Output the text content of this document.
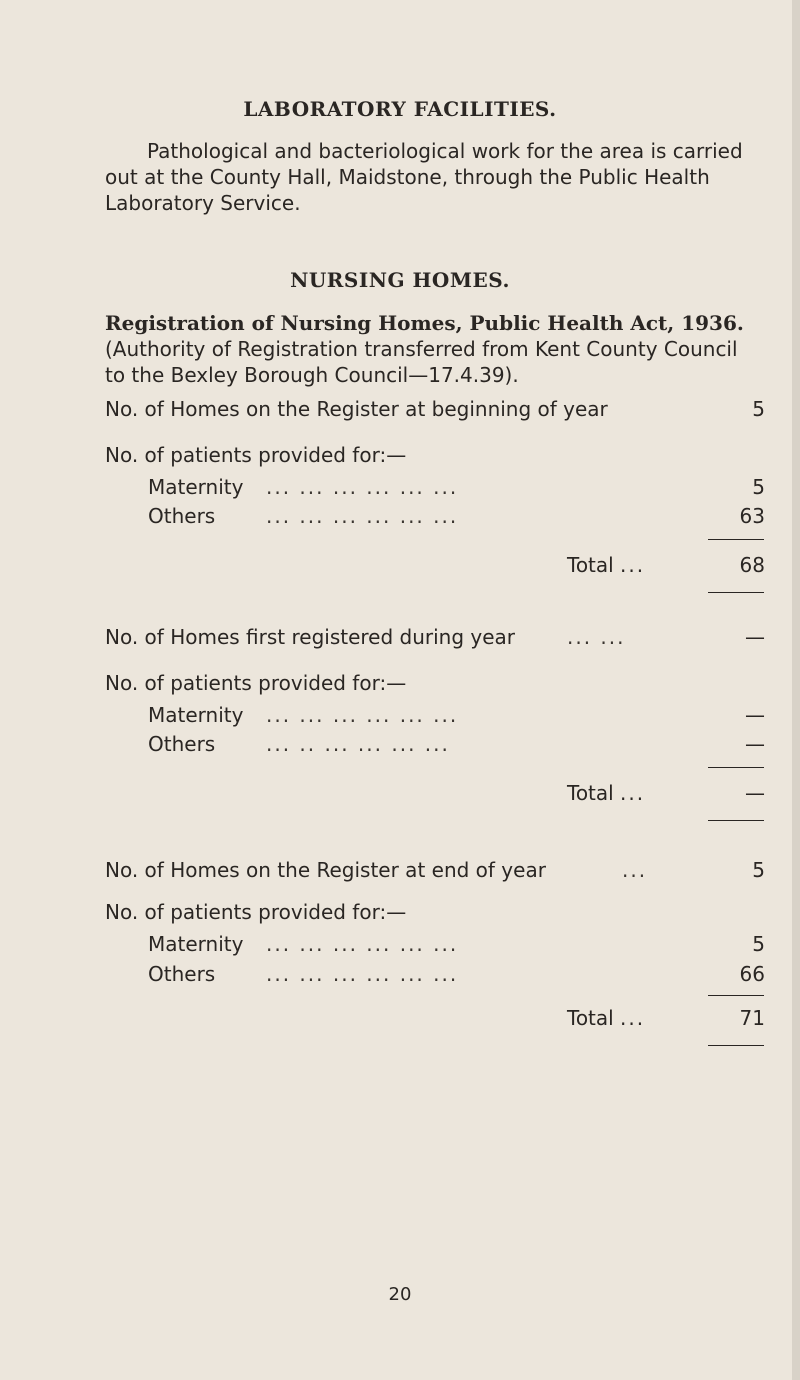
LABORATORY FACILITIES.

Pathological and bacteriological work for the area is carried out at the County Hall, Maidstone, through the Public Health Laboratory Service.

NURSING HOMES.

Registration of Nursing Homes, Public Health Act, 1936. (Authority of Registration transferred from Kent County Council to the Bexley Borough Council—17.4.39).

No. of Homes on the Register at beginning of year	5
No. of patients provided for:—
Maternity ... ... ... ... ... ...	5
Others	... ... ... ... ... ...	63
Total ...	68
No. of Homes first registered during year	... ...	—
No. of patients provided for:—
Maternity ... ... ... ... ... ...	—
Others	... .. ... ... ... ...	—
Total ...	—
No. of Homes on the Register at end of year	...	5
No. of patients provided for:—
Maternity ... ... ... ... ... ...	5
Others	... ... ... ... ... ...	66
Total ...	71
20
